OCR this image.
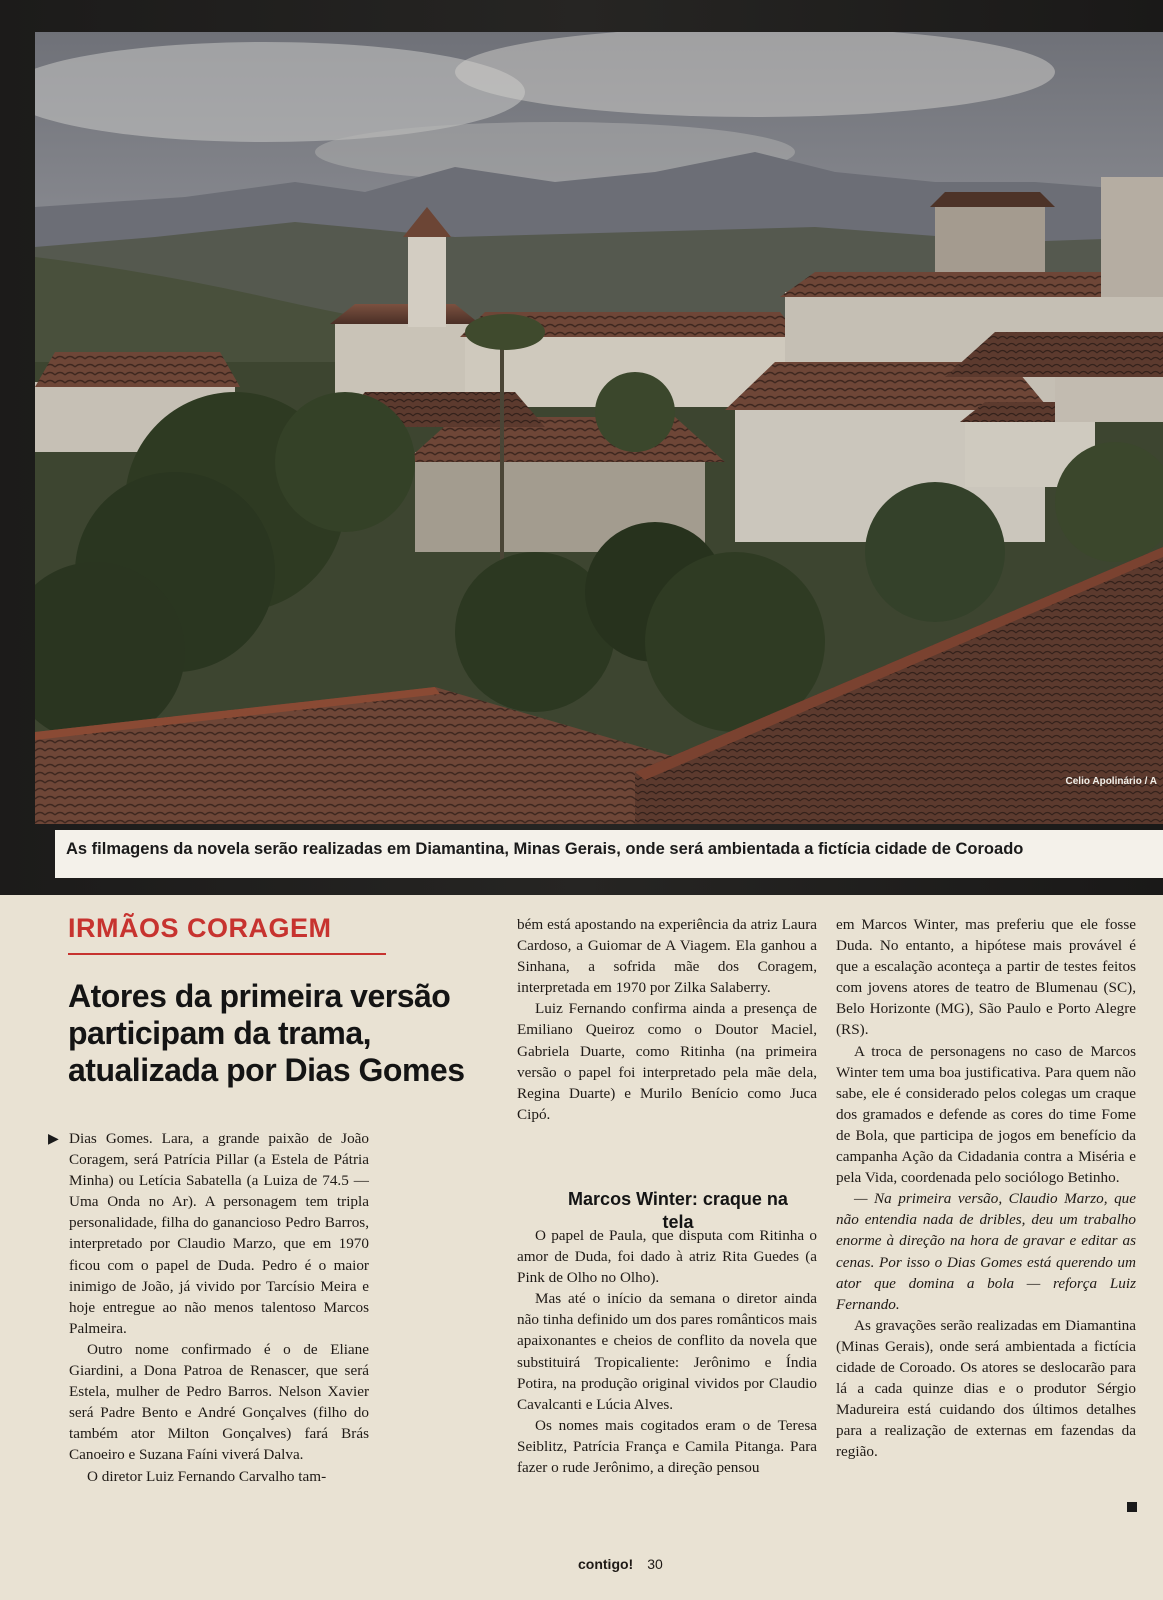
Celio Apolinário / A
As filmagens da novela serão realizadas em Diamantina, Minas Gerais, onde será ambientada a fictícia cidade de Coroado
IRMÃOS CORAGEM
Atores da primeira versão participam da trama, atualizada por Dias Gomes
▶ Dias Gomes. Lara, a grande paixão de João Coragem, será Patrícia Pillar (a Estela de Pátria Minha) ou Letícia Sabatella (a Luiza de 74.5 — Uma Onda no Ar). A personagem tem tripla personalidade, filha do ganancioso Pedro Barros, interpretado por Claudio Marzo, que em 1970 ficou com o papel de Duda. Pedro é o maior inimigo de João, já vivido por Tarcísio Meira e hoje entregue ao não menos talentoso Marcos Palmeira.

Outro nome confirmado é o de Eliane Giardini, a Dona Patroa de Renascer, que será Estela, mulher de Pedro Barros. Nelson Xavier será Padre Bento e André Gonçalves (filho do também ator Milton Gonçalves) fará Brás Canoeiro e Suzana Faíni viverá Dalva.

O diretor Luiz Fernando Carvalho tam-

bém está apostando na experiência da atriz Laura Cardoso, a Guiomar de A Viagem. Ela ganhou a Sinhana, a sofrida mãe dos Coragem, interpretada em 1970 por Zilka Salaberry.

Luiz Fernando confirma ainda a presença de Emiliano Queiroz como o Doutor Maciel, Gabriela Duarte, como Ritinha (na primeira versão o papel foi interpretado pela mãe dela, Regina Duarte) e Murilo Benício como Juca Cipó.

Marcos Winter: craque na tela

O papel de Paula, que disputa com Ritinha o amor de Duda, foi dado à atriz Rita Guedes (a Pink de Olho no Olho).

Mas até o início da semana o diretor ainda não tinha definido um dos pares românticos mais apaixonantes e cheios de conflito da novela que substituirá Tropicaliente: Jerônimo e Índia Potira, na produção original vividos por Claudio Cavalcanti e Lúcia Alves.

Os nomes mais cogitados eram o de Teresa Seiblitz, Patrícia França e Camila Pitanga. Para fazer o rude Jerônimo, a direção pensou

em Marcos Winter, mas preferiu que ele fosse Duda. No entanto, a hipótese mais provável é que a escalação aconteça a partir de testes feitos com jovens atores de teatro de Blumenau (SC), Belo Horizonte (MG), São Paulo e Porto Alegre (RS).

A troca de personagens no caso de Marcos Winter tem uma boa justificativa. Para quem não sabe, ele é considerado pelos colegas um craque dos gramados e defende as cores do time Fome de Bola, que participa de jogos em benefício da campanha Ação da Cidadania contra a Miséria e pela Vida, coordenada pelo sociólogo Betinho.

— Na primeira versão, Claudio Marzo, que não entendia nada de dribles, deu um trabalho enorme à direção na hora de gravar e editar as cenas. Por isso o Dias Gomes está querendo um ator que domina a bola — reforça Luiz Fernando.

As gravações serão realizadas em Diamantina (Minas Gerais), onde será ambientada a fictícia cidade de Coroado. Os atores se deslocarão para lá a cada quinze dias e o produtor Sérgio Madureira está cuidando dos últimos detalhes para a realização de externas em fazendas da região.

contigo! 30
